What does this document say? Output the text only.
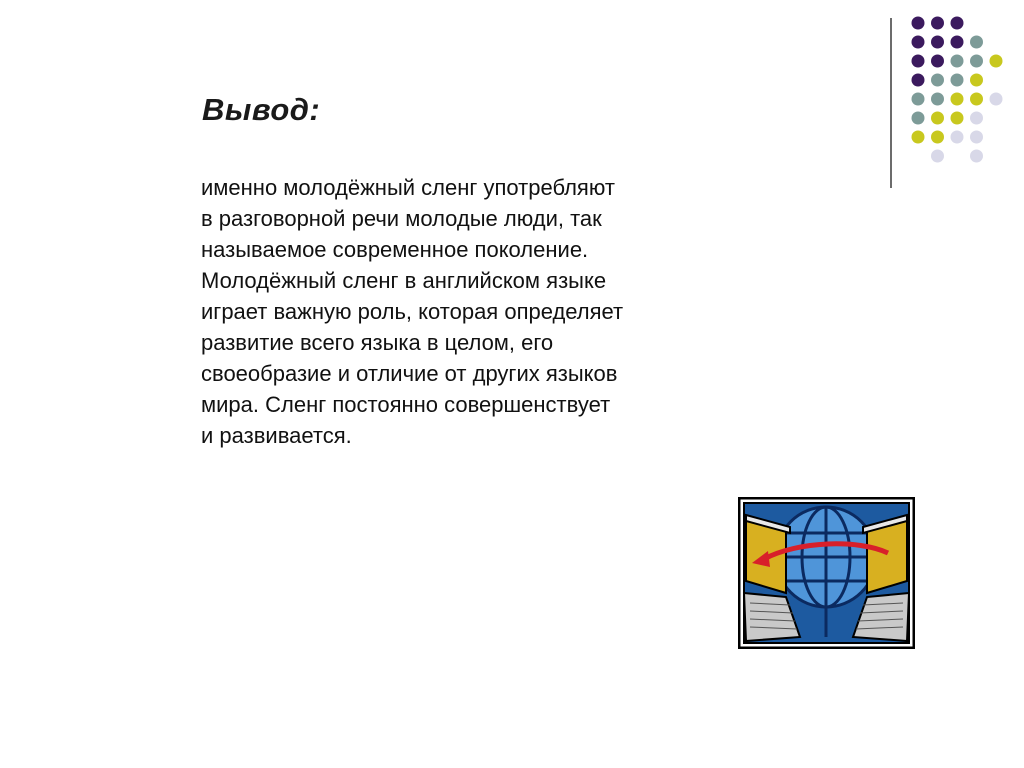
Вывод:
именно молодёжный сленг употребляют
в разговорной речи молодые люди, так
называемое современное поколение.
Молодёжный сленг в английском языке
играет важную роль, которая определяет
развитие всего языка в целом, его
своеобразие и отличие от других языков
мира. Сленг постоянно совершенствует
и развивается.
